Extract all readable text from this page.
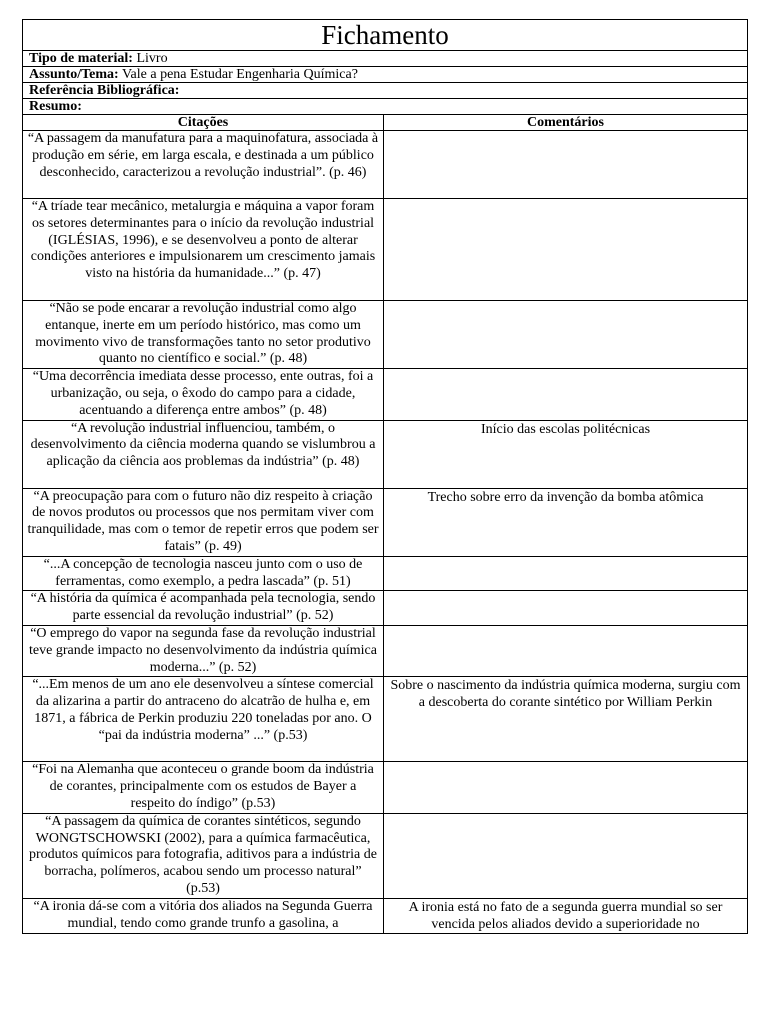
Fichamento	
Tipo de material: Livro	
Assunto/Tema: Vale a pena Estudar Engenharia Química?	
Referência Bibliográfica:	
Resumo:	
Citações	Comentários
“A passagem da manufatura para a maquinofatura, associada à produção em série, em larga escala, e destinada a um público desconhecido, caracterizou a revolução industrial”. (p. 46)	
“A tríade tear mecânico, metalurgia e máquina a vapor foram os setores determinantes para o início da revolução industrial (IGLÉSIAS, 1996), e se desenvolveu a ponto de alterar condições anteriores e impulsionarem um crescimento jamais visto na história da humanidade...” (p. 47)	
“Não se pode encarar a revolução industrial como algo entanque, inerte em um período histórico, mas como um movimento vivo de transformações tanto no setor produtivo quanto no científico e social.” (p. 48)	
“Uma decorrência imediata desse processo, ente outras, foi a urbanização, ou seja, o êxodo do campo para a cidade, acentuando a diferença entre ambos” (p. 48)	
“A revolução industrial influenciou, também, o desenvolvimento da ciência moderna quando se vislumbrou a aplicação da ciência aos problemas da indústria” (p. 48)	Início das escolas politécnicas
“A preocupação para com o futuro não diz respeito à criação de novos produtos ou processos que nos permitam viver com tranquilidade, mas com o temor de repetir erros que podem ser fatais” (p. 49)	Trecho sobre erro da invenção da bomba atômica
“...A concepção de tecnologia nasceu junto com o uso de ferramentas, como exemplo, a pedra lascada” (p. 51)	
“A história da química é acompanhada pela tecnologia, sendo parte essencial da revolução industrial” (p. 52)	
“O emprego do vapor na segunda fase da revolução industrial teve grande impacto no desenvolvimento da indústria química moderna...” (p. 52)	
“...Em menos de um ano ele desenvolveu a síntese comercial da alizarina a partir do antraceno do alcatrão de hulha e, em 1871, a fábrica de Perkin produziu 220 toneladas por ano. O “pai da indústria moderna” ...” (p.53)	Sobre o nascimento da indústria química moderna, surgiu com a descoberta do corante sintético por William Perkin
“Foi na Alemanha que aconteceu o grande boom da indústria de corantes, principalmente com os estudos de Bayer a respeito do índigo” (p.53)	
“A passagem da química de corantes sintéticos, segundo WONGTSCHOWSKI (2002), para a química farmacêutica, produtos químicos para fotografia, aditivos para a indústria de borracha, polímeros, acabou sendo um processo natural” (p.53)	
“A ironia dá-se com a vitória dos aliados na Segunda Guerra mundial, tendo como grande trunfo a gasolina, a	A ironia está no fato de a segunda guerra mundial so ser vencida pelos aliados devido a superioridade no
